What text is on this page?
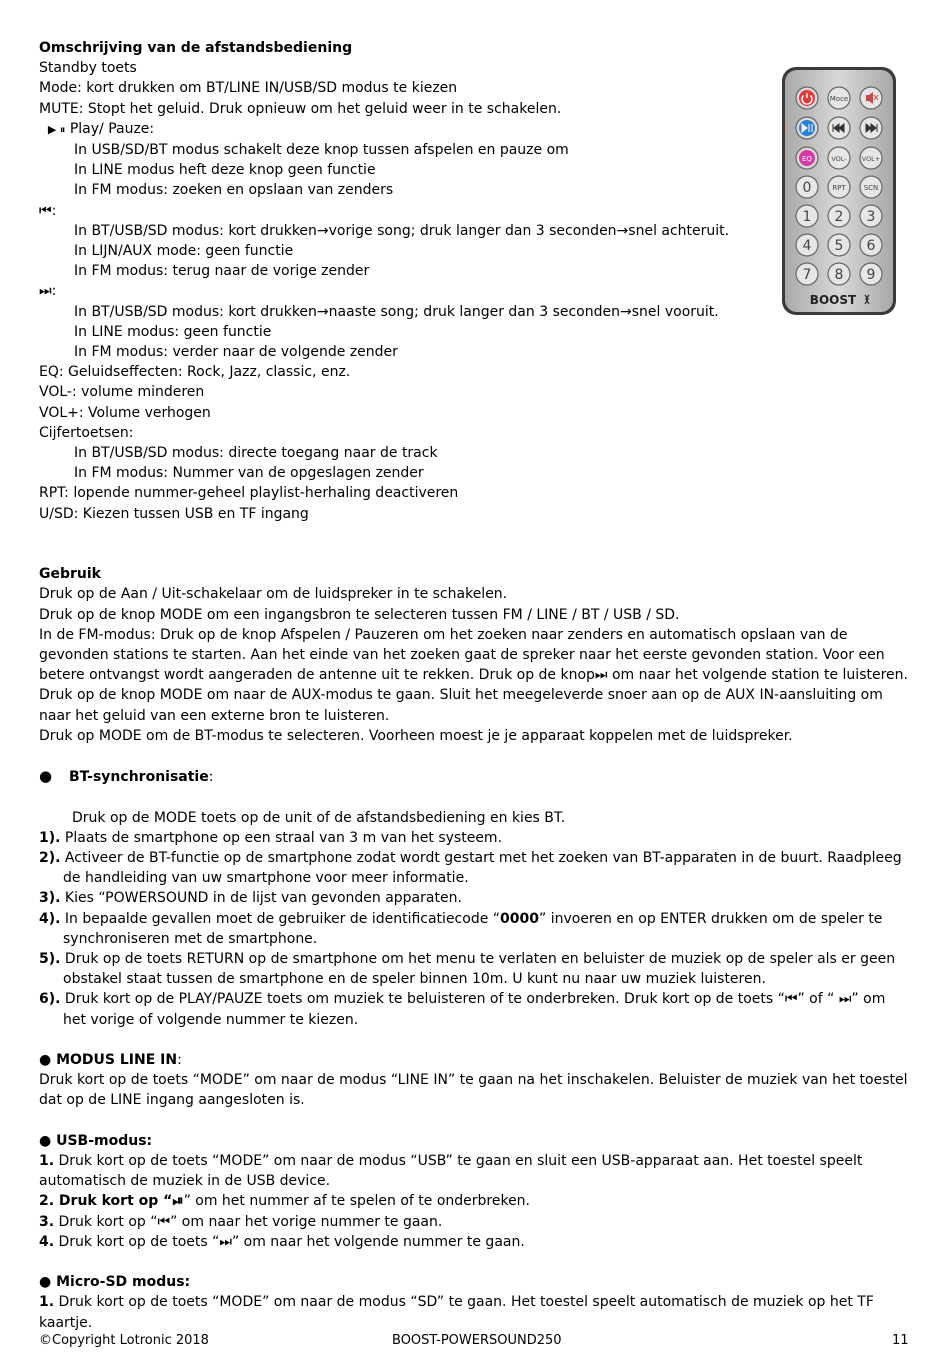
Omschrijving van de afstandsbediening
Standby toets
Mode: kort drukken om BT/LINE IN/USB/SD modus te kiezen
MUTE: Stopt het geluid. Druk opnieuw om het geluid weer in te schakelen.
▶ ⏸ Play/ Pauze:
In USB/SD/BT modus schakelt deze knop tussen afspelen en pauze om
In LINE modus heft deze knop geen functie
In FM modus: zoeken en opslaan van zenders
⏮:
In BT/USB/SD modus: kort drukken→vorige song; druk langer dan 3 seconden→snel achteruit.
In LIJN/AUX mode: geen functie
In FM modus: terug naar de vorige zender
⏭:
In BT/USB/SD modus: kort drukken→naaste song; druk langer dan 3 seconden→snel vooruit.
In LINE modus: geen functie
In FM modus: verder naar de volgende zender
EQ: Geluidseffecten: Rock, Jazz, classic, enz.
VOL-: volume minderen
VOL+: Volume verhogen
Cijfertoetsen:
In BT/USB/SD modus: directe toegang naar de track
In FM modus: Nummer van de opgeslagen zender
RPT: lopende nummer-geheel playlist-herhaling deactiveren
U/SD: Kiezen tussen USB en TF ingang
Gebruik
Druk op de Aan / Uit-schakelaar om de luidspreker in te schakelen.
Druk op de knop MODE om een ingangsbron te selecteren tussen FM / LINE / BT / USB / SD.
In de FM-modus: Druk op de knop Afspelen / Pauzeren om het zoeken naar zenders en automatisch opslaan van de gevonden stations te starten. Aan het einde van het zoeken gaat de spreker naar het eerste gevonden station. Voor een betere ontvangst wordt aangeraden de antenne uit te rekken. Druk op de knop⏭ om naar het volgende station te luisteren.
Druk op de knop MODE om naar de AUX-modus te gaan. Sluit het meegeleverde snoer aan op de AUX IN-aansluiting om naar het geluid van een externe bron te luisteren.
Druk op MODE om de BT-modus te selecteren. Voorheen moest je je apparaat koppelen met de luidspreker.
● BT-synchronisatie:
Druk op de MODE toets op de unit of de afstandsbediening en kies BT.
1). Plaats de smartphone op een straal van 3 m van het systeem.
2). Activeer de BT-functie op de smartphone zodat wordt gestart met het zoeken van BT-apparaten in de buurt. Raadpleeg de handleiding van uw smartphone voor meer informatie.
3). Kies “POWERSOUND in de lijst van gevonden apparaten.
4). In bepaalde gevallen moet de gebruiker de identificatiecode “0000” invoeren en op ENTER drukken om de speler te synchroniseren met de smartphone.
5). Druk op de toets RETURN op de smartphone om het menu te verlaten en beluister de muziek op de speler als er geen obstakel staat tussen de smartphone en de speler binnen 10m. U kunt nu naar uw muziek luisteren.
6). Druk kort op de PLAY/PAUZE toets om muziek te beluisteren of te onderbreken. Druk kort op de toets “⏮” of “ ⏭” om het vorige of volgende nummer te kiezen.
● MODUS LINE IN:
Druk kort op de toets “MODE” om naar de modus “LINE IN” te gaan na het inschakelen. Beluister de muziek van het toestel dat op de LINE ingang aangesloten is.
● USB-modus:
1. Druk kort op de toets “MODE” om naar de modus “USB” te gaan en sluit een USB-apparaat aan. Het toestel speelt automatisch de muziek in de USB device.
2. Druk kort op “⏯” om het nummer af te spelen of te onderbreken.
3. Druk kort op “⏮” om naar het vorige nummer te gaan.
4. Druk kort op de toets “⏭” om naar het volgende nummer te gaan.
● Micro-SD modus:
1. Druk kort op de toets “MODE” om naar de modus “SD” te gaan. Het toestel speelt automatisch de muziek op het TF kaartje.
Moce
EQ	VOL- VOL+
0	RPT	SCN
1 2 3
4 5 6
7 8 9
BOOST
©Copyright Lotronic 2018	BOOST-POWERSOUND250	11
